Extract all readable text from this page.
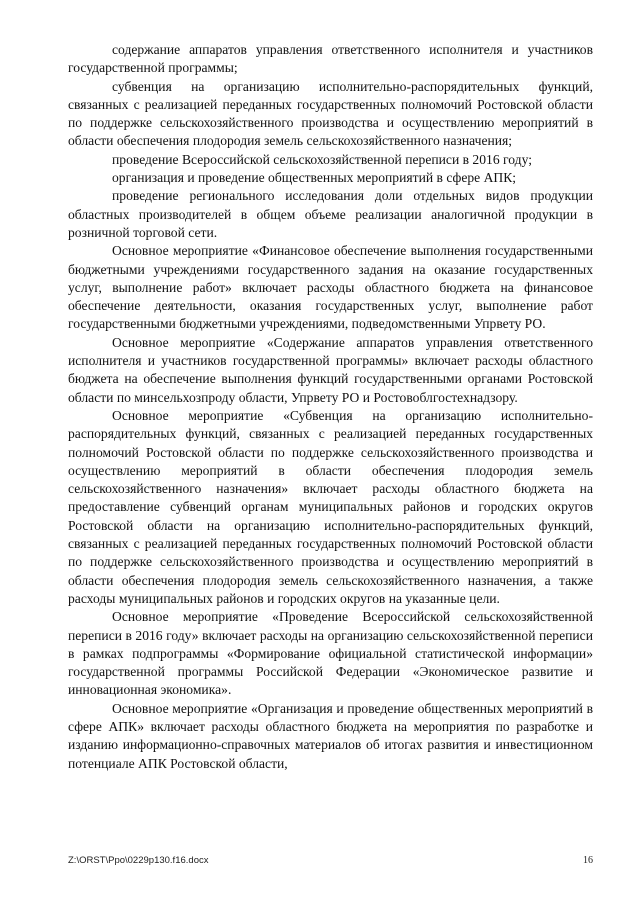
содержание аппаратов управления ответственного исполнителя и участников государственной программы;

субвенция на организацию исполнительно-распорядительных функций, связанных с реализацией переданных государственных полномочий Ростовской области по поддержке сельскохозяйственного производства и осуществлению мероприятий в области обеспечения плодородия земель сельскохозяйственного назначения;

проведение Всероссийской сельскохозяйственной переписи в 2016 году;

организация и проведение общественных мероприятий в сфере АПК;

проведение регионального исследования доли отдельных видов продукции областных производителей в общем объеме реализации аналогичной продукции в розничной торговой сети.

Основное мероприятие «Финансовое обеспечение выполнения государственными бюджетными учреждениями государственного задания на оказание государственных услуг, выполнение работ» включает расходы областного бюджета на финансовое обеспечение деятельности, оказания государственных услуг, выполнение работ государственными бюджетными учреждениями, подведомственными Упрвету РО.

Основное мероприятие «Содержание аппаратов управления ответственного исполнителя и участников государственной программы» включает расходы областного бюджета на обеспечение выполнения функций государственными органами Ростовской области по минсельхозпроду области, Упрвету РО и Ростовоблгостехнадзору.

Основное мероприятие «Субвенция на организацию исполнительно-распорядительных функций, связанных с реализацией переданных государственных полномочий Ростовской области по поддержке сельскохозяйственного производства и осуществлению мероприятий в области обеспечения плодородия земель сельскохозяйственного назначения» включает расходы областного бюджета на предоставление субвенций органам муниципальных районов и городских округов Ростовской области на организацию исполнительно-распорядительных функций, связанных с реализацией переданных государственных полномочий Ростовской области по поддержке сельскохозяйственного производства и осуществлению мероприятий в области обеспечения плодородия земель сельскохозяйственного назначения, а также расходы муниципальных районов и городских округов на указанные цели.

Основное мероприятие «Проведение Всероссийской сельскохозяйственной переписи в 2016 году» включает расходы на организацию сельскохозяйственной переписи в рамках подпрограммы «Формирование официальной статистической информации» государственной программы Российской Федерации «Экономическое развитие и инновационная экономика».

Основное мероприятие «Организация и проведение общественных мероприятий в сфере АПК» включает расходы областного бюджета на мероприятия по разработке и изданию информационно-справочных материалов об итогах развития и инвестиционном потенциале АПК Ростовской области,

Z:\ORST\Ppo\0229p130.f16.docx	16
